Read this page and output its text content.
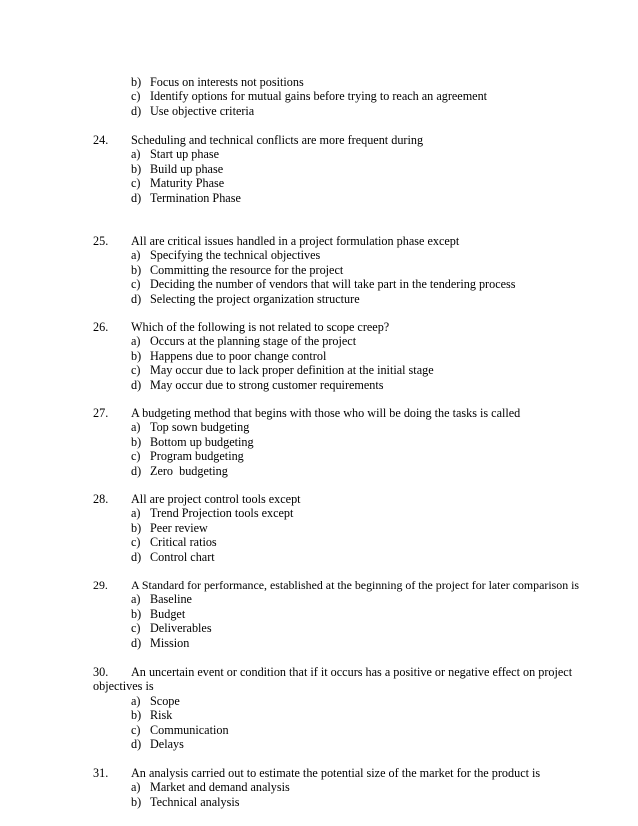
b) Focus on interests not positions
c) Identify options for mutual gains before trying to reach an agreement
d) Use objective criteria
24. Scheduling and technical conflicts are more frequent during
a) Start up phase
b) Build up phase
c) Maturity Phase
d) Termination Phase
25. All are critical issues handled in a project formulation phase except
a) Specifying the technical objectives
b) Committing the resource for the project
c) Deciding the number of vendors that will take part in the tendering process
d) Selecting the project organization structure
26. Which of the following is not related to scope creep?
a) Occurs at the planning stage of the project
b) Happens due to poor change control
c) May occur due to lack proper definition at the initial stage
d) May occur due to strong customer requirements
27. A budgeting method that begins with those who will be doing the tasks is called
a) Top sown budgeting
b) Bottom up budgeting
c) Program budgeting
d) Zero  budgeting
28. All are project control tools except
a) Trend Projection tools except
b) Peer review
c) Critical ratios
d) Control chart
29. A Standard for performance, established at the beginning of the project for later comparison is
a) Baseline
b) Budget
c) Deliverables
d) Mission
30. An uncertain event or condition that if it occurs has a positive or negative effect on project objectives is
a) Scope
b) Risk
c) Communication
d) Delays
31. An analysis carried out to estimate the potential size of the market for the product is
a) Market and demand analysis
b) Technical analysis
